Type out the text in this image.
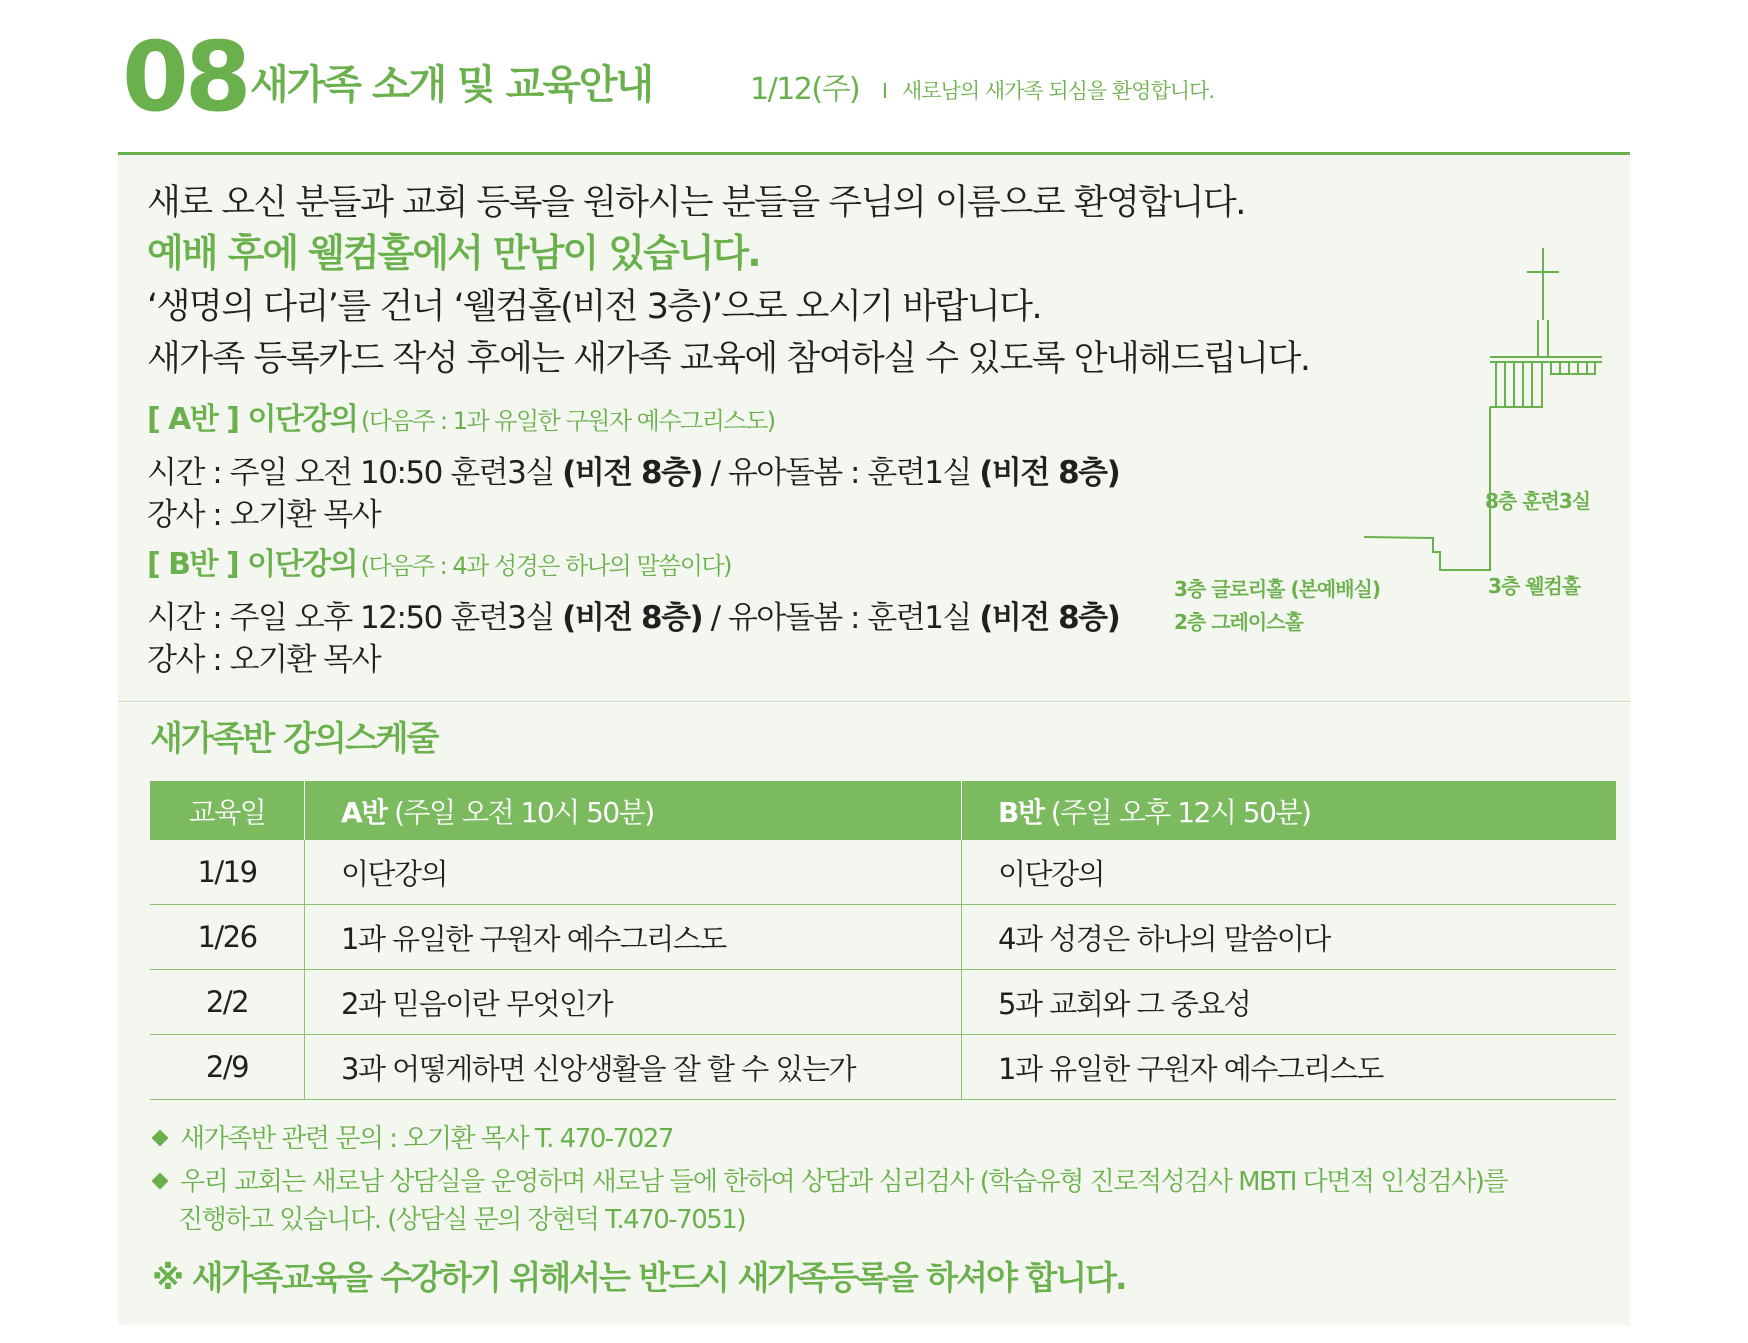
08 새가족 소개 및 교육안내	1/12(주) I 새로남의 새가족 되심을 환영합니다.
새로 오신 분들과 교회 등록을 원하시는 분들을 주님의 이름으로 환영합니다.
예배 후에 웰컴홀에서 만남이 있습니다.
‘생명의 다리’를 건너 ‘웰컴홀(비전 3층)’으로 오시기 바랍니다.
새가족 등록카드 작성 후에는 새가족 교육에 참여하실 수 있도록 안내해드립니다.
[ A반 ] 이단강의 (다음주 : 1과 유일한 구원자 예수그리스도)
시간 : 주일 오전 10:50 훈련3실 (비전 8층) / 유아돌봄 : 훈련1실 (비전 8층)
강사 : 오기환 목사
[ B반 ] 이단강의 (다음주 : 4과 성경은 하나의 말씀이다)
시간 : 주일 오후 12:50 훈련3실 (비전 8층) / 유아돌봄 : 훈련1실 (비전 8층)
강사 : 오기환 목사
8층 훈련3실
3층 웰컴홀
3층 글로리홀 (본예배실)
2층 그레이스홀
새가족반 강의스케줄
교육일	A반 (주일 오전 10시 50분)	B반 (주일 오후 12시 50분)
1/19	이단강의	이단강의
1/26	1과 유일한 구원자 예수그리스도	4과 성경은 하나의 말씀이다
2/2	2과 믿음이란 무엇인가	5과 교회와 그 중요성
2/9	3과 어떻게하면 신앙생활을 잘 할 수 있는가	1과 유일한 구원자 예수그리스도
새가족반 관련 문의 : 오기환 목사 T. 470-7027
우리 교회는 새로남 상담실을 운영하며 새로남 들에 한하여 상담과 심리검사 (학습유형 진로적성검사 MBTI 다면적 인성검사)를
진행하고 있습니다. (상담실 문의 장현덕 T.470-7051)
※ 새가족교육을 수강하기 위해서는 반드시 새가족등록을 하셔야 합니다.
